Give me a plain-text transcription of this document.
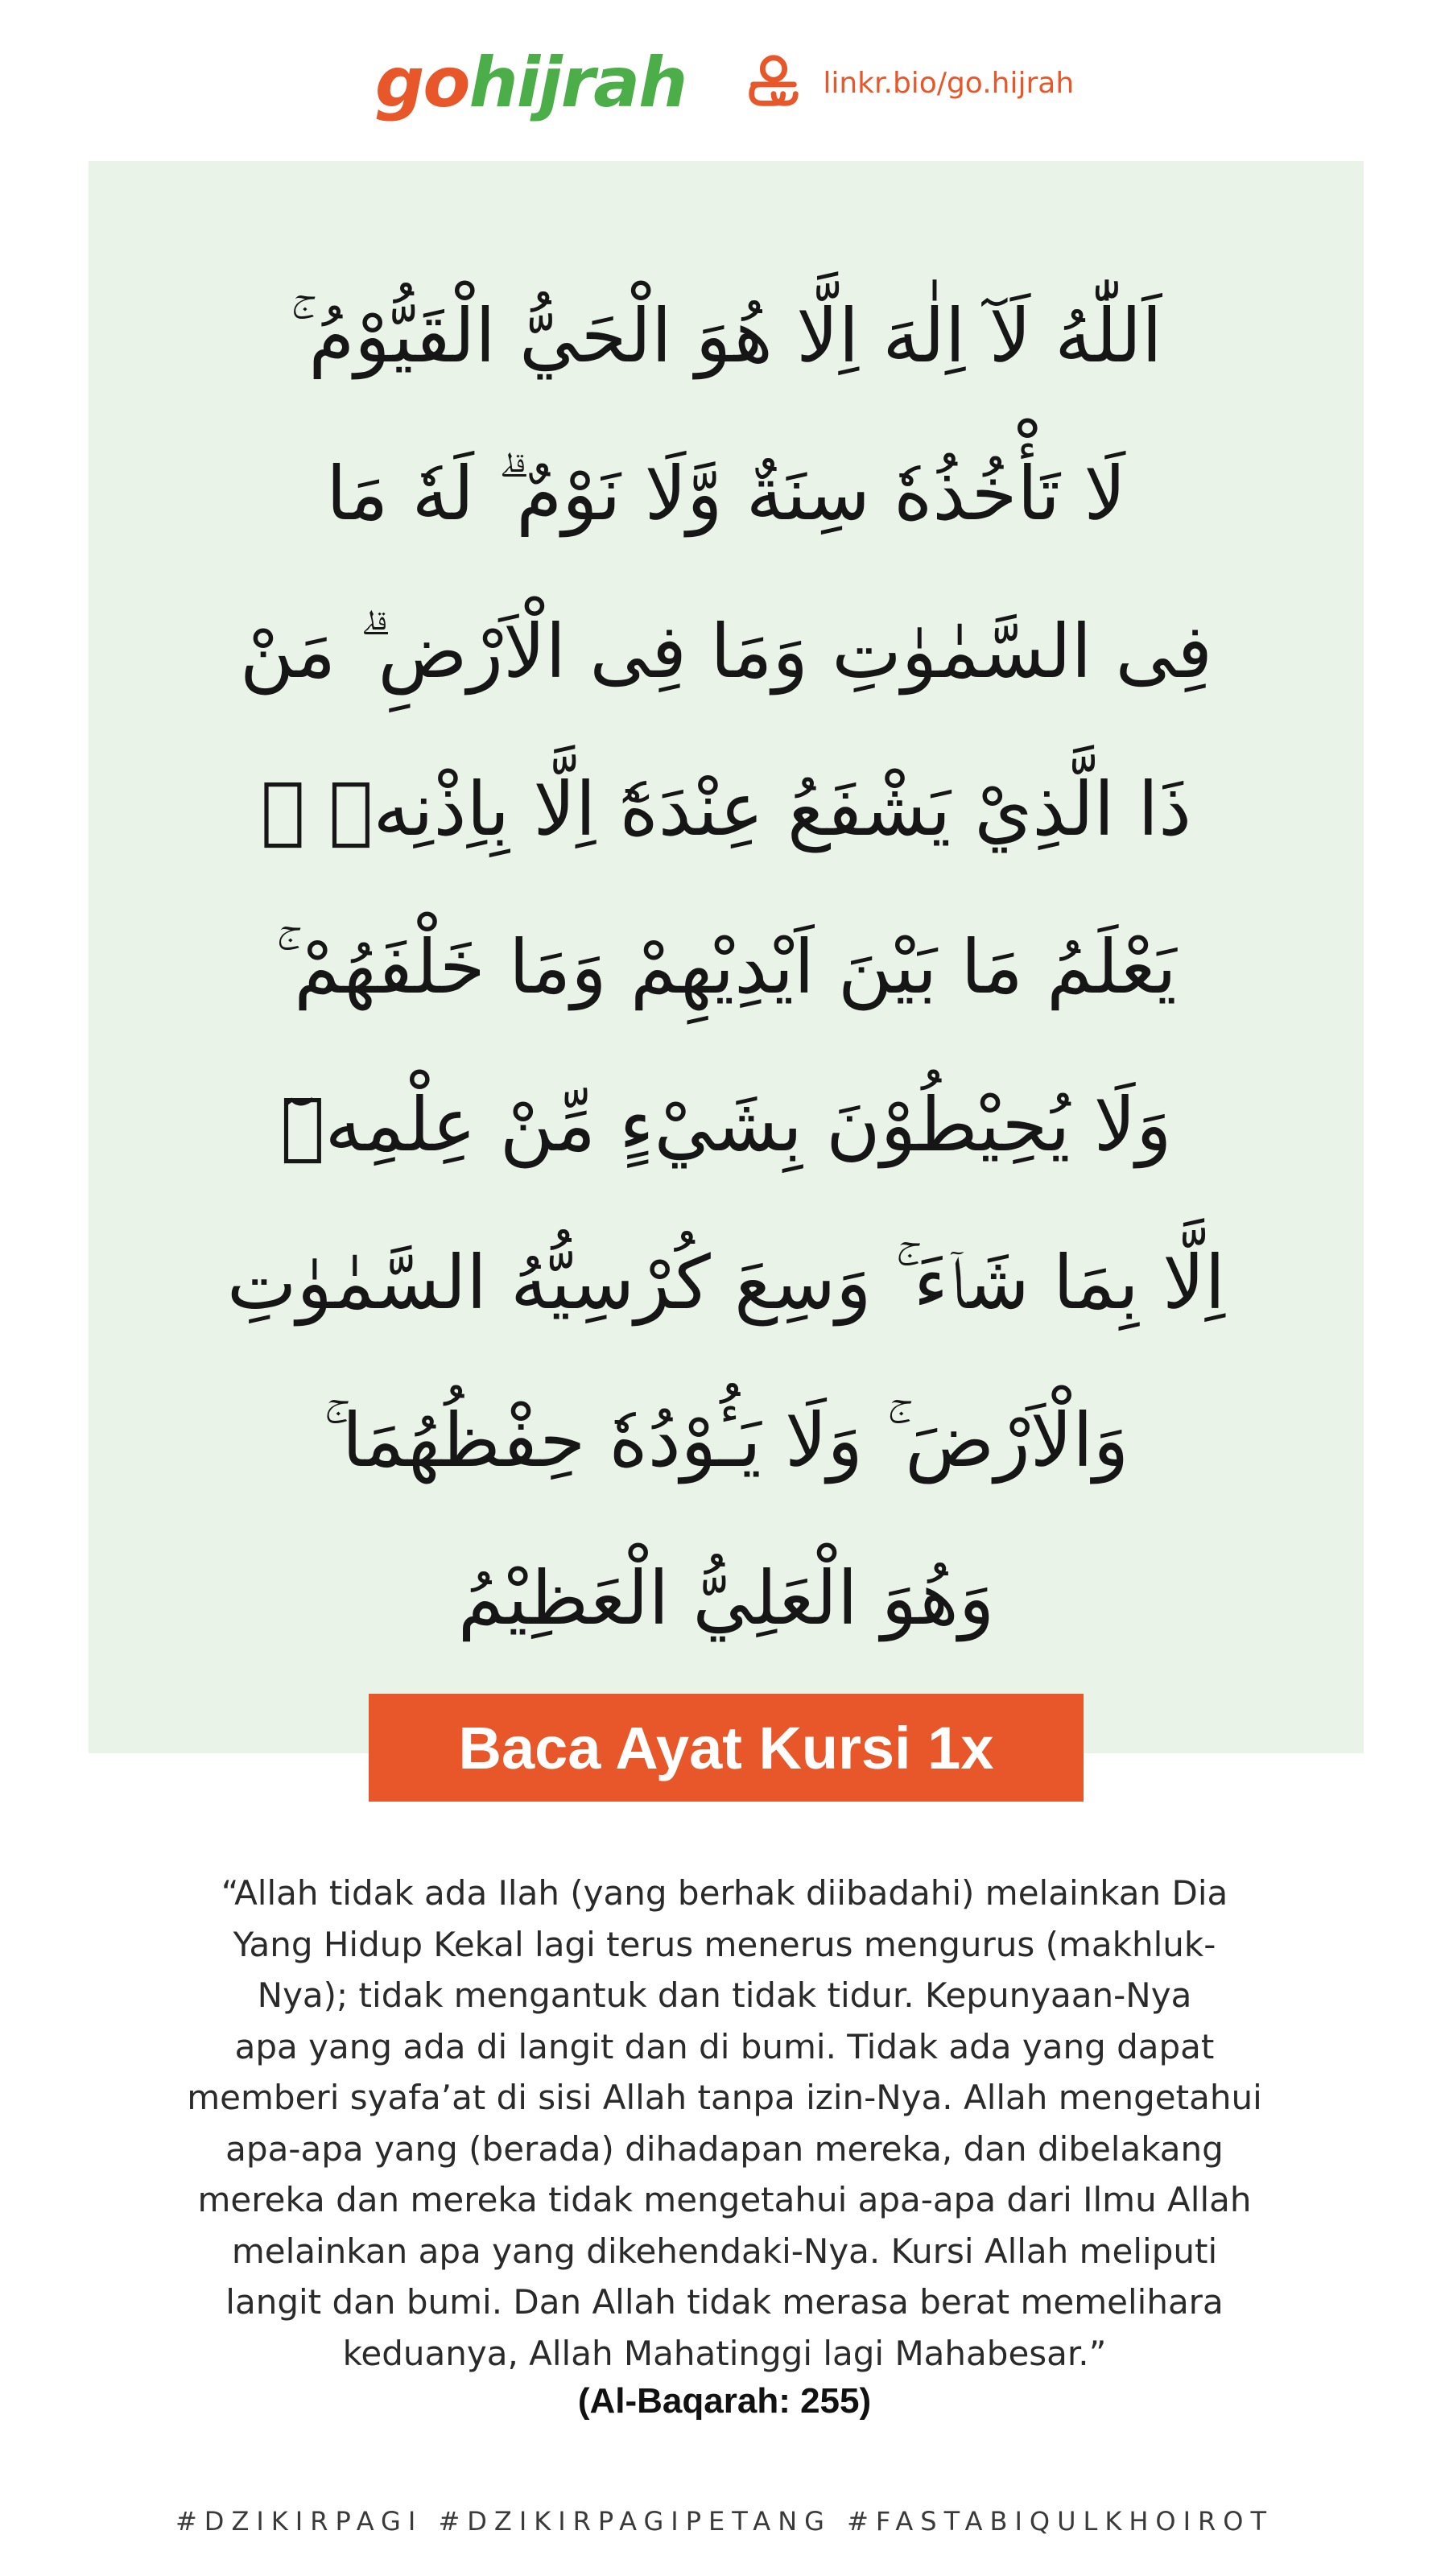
go hijrah	linkr.bio/go.hijrah
اَللّٰهُ لَآ اِلٰهَ اِلَّا هُوَ الْحَيُّ الْقَيُّوْمُ ۚ
لَا تَأْخُذُهٗ سِنَةٌ وَّلَا نَوْمٌ ۗ لَهٗ مَا
فِى السَّمٰوٰتِ وَمَا فِى الْاَرْضِ ۗ مَنْ
ذَا الَّذِيْ يَشْفَعُ عِنْدَهٗٓ اِلَّا بِاِذْنِهٖ ۗ
يَعْلَمُ مَا بَيْنَ اَيْدِيْهِمْ وَمَا خَلْفَهُمْ ۚ
وَلَا يُحِيْطُوْنَ بِشَيْءٍ مِّنْ عِلْمِهٖٓ
اِلَّا بِمَا شَاۤءَ ۚ وَسِعَ كُرْسِيُّهُ السَّمٰوٰتِ
وَالْاَرْضَ ۚ وَلَا يَـُٔوْدُهٗ حِفْظُهُمَا ۚ
وَهُوَ الْعَلِيُّ الْعَظِيْمُ
Baca Ayat Kursi 1x
“Allah tidak ada Ilah (yang berhak diibadahi) melainkan Dia
Yang Hidup Kekal lagi terus menerus mengurus (makhluk-
Nya); tidak mengantuk dan tidak tidur. Kepunyaan-Nya
apa yang ada di langit dan di bumi. Tidak ada yang dapat
memberi syafa’at di sisi Allah tanpa izin-Nya. Allah mengetahui
apa-apa yang (berada) dihadapan mereka, dan dibelakang
mereka dan mereka tidak mengetahui apa-apa dari Ilmu Allah
melainkan apa yang dikehendaki-Nya. Kursi Allah meliputi
langit dan bumi. Dan Allah tidak merasa berat memelihara
keduanya, Allah Mahatinggi lagi Mahabesar.”
(Al-Baqarah: 255)
#DZIKIRPAGI #DZIKIRPAGIPETANG #FASTABIQULKHOIROT
